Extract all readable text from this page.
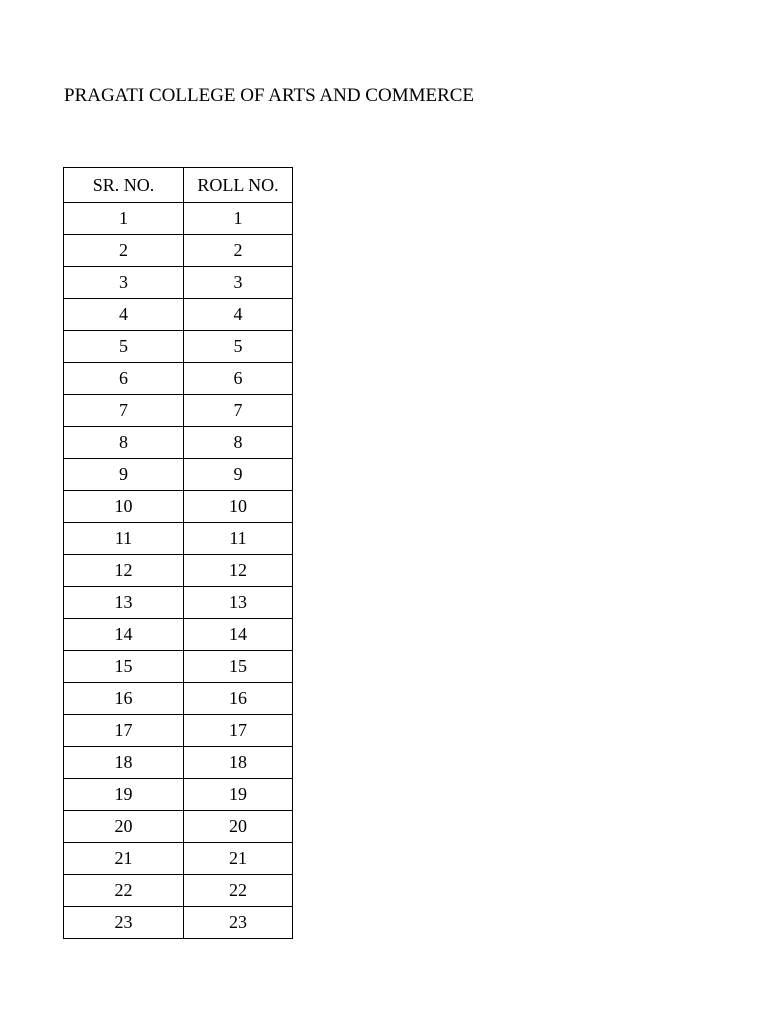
PRAGATI COLLEGE OF ARTS AND COMMERCE
SR. NO.	ROLL NO.
1	1
2	2
3	3
4	4
5	5
6	6
7	7
8	8
9	9
10	10
11	11
12	12
13	13
14	14
15	15
16	16
17	17
18	18
19	19
20	20
21	21
22	22
23	23
